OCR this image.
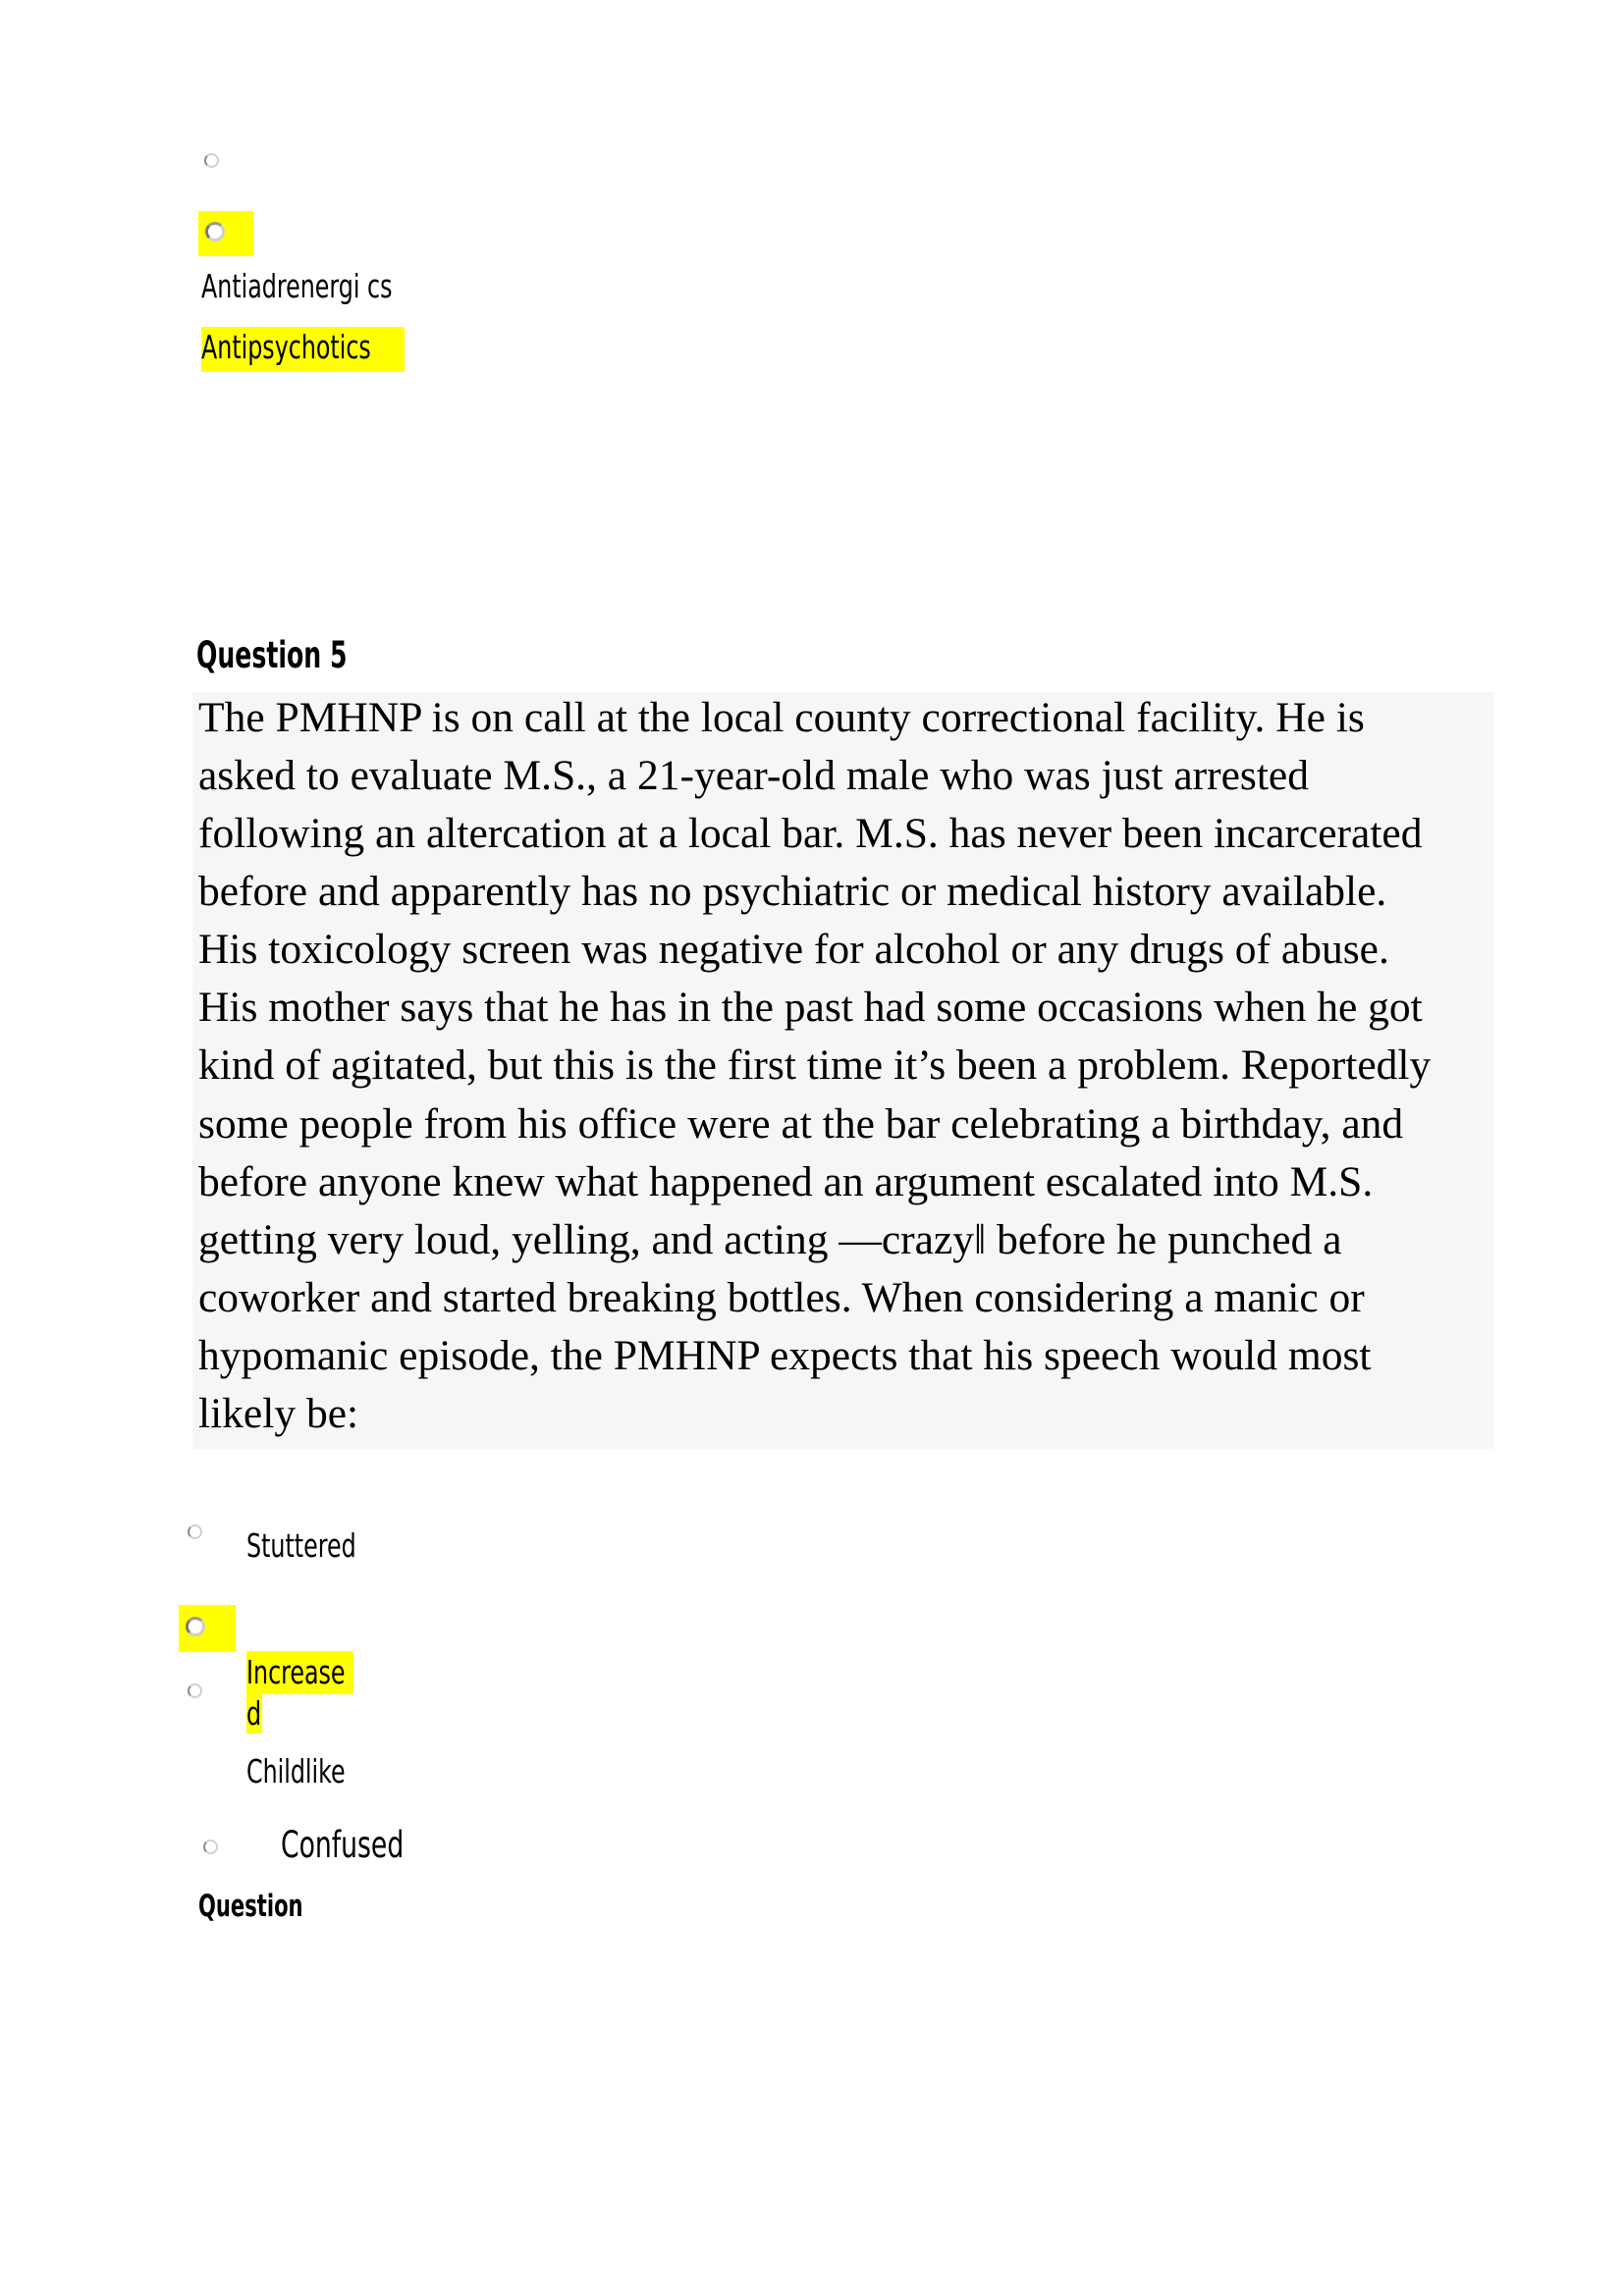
Antiadrenergi cs
Antipsychotics
Question 5
The PMHNP is on call at the local county correctional facility. He is
asked to evaluate M.S., a 21-year-old male who was just arrested
following an altercation at a local bar. M.S. has never been incarcerated
before and apparently has no psychiatric or medical history available.
His toxicology screen was negative for alcohol or any drugs of abuse.
His mother says that he has in the past had some occasions when he got
kind of agitated, but this is the first time it’s been a problem. Reportedly
some people from his office were at the bar celebrating a birthday, and
before anyone knew what happened an argument escalated into M.S.
getting very loud, yelling, and acting ―crazy‖ before he punched a
coworker and started breaking bottles. When considering a manic or
hypomanic episode, the PMHNP expects that his speech would most
likely be:
Stuttered
Increase
d
Childlike
Confused
Question
